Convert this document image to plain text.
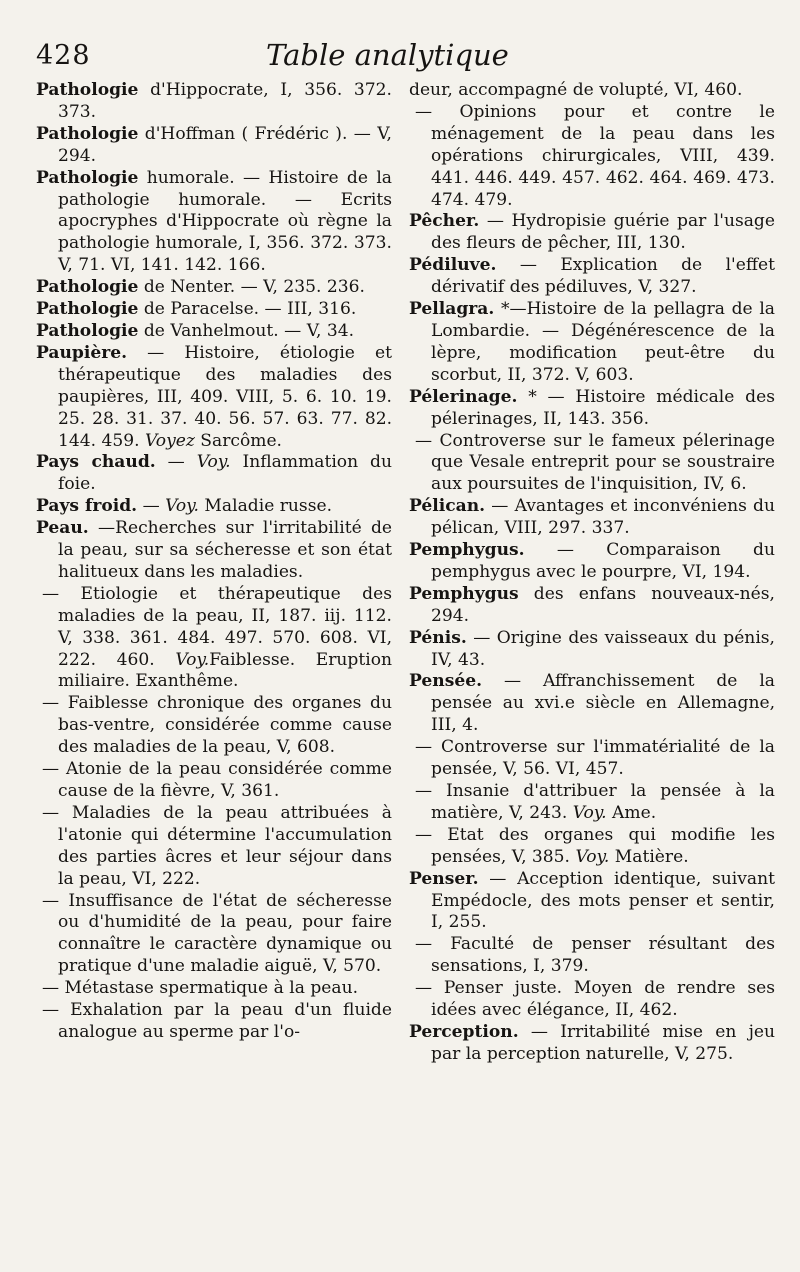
428	Table analytique

Pathologie d'Hippocrate, I, 356. 372. 373.

Pathologie d'Hoffman ( Frédéric ). — V, 294.

Pathologie humorale. — Histoire de la pathologie humorale. — Ecrits apocryphes d'Hippocrate où règne la pathologie humorale, I, 356. 372. 373. V, 71. VI, 141. 142. 166.

Pathologie de Nenter. — V, 235. 236.

Pathologie de Paracelse. — III, 316.

Pathologie de Vanhelmout. — V, 34.

Paupière. — Histoire, étiologie et thérapeutique des maladies des paupières, III, 409. VIII, 5. 6. 10. 19. 25. 28. 31. 37. 40. 56. 57. 63. 77. 82. 144. 459. Voyez Sarcôme.

Pays chaud. — Voy. Inflammation du foie.

Pays froid. — Voy. Maladie russe.

Peau. —Recherches sur l'irritabilité de la peau, sur sa sécheresse et son état halitueux dans les maladies.

— Etiologie et thérapeutique des maladies de la peau, II, 187. iij. 112. V, 338. 361. 484. 497. 570. 608. VI, 222. 460. Voy.Faiblesse. Eruption miliaire. Exanthême.

— Faiblesse chronique des organes du bas-ventre, considérée comme cause des maladies de la peau, V, 608.

— Atonie de la peau considérée comme cause de la fièvre, V, 361.

— Maladies de la peau attribuées à l'atonie qui détermine l'accumulation des parties âcres et leur séjour dans la peau, VI, 222.

— Insuffisance de l'état de sécheresse ou d'humidité de la peau, pour faire connaître le caractère dynamique ou pratique d'une maladie aiguë, V, 570.

— Métastase spermatique à la peau.

— Exhalation par la peau d'un fluide analogue au sperme par l'o-

deur, accompagné de volupté, VI, 460.

— Opinions pour et contre le ménagement de la peau dans les opérations chirurgicales, VIII, 439. 441. 446. 449. 457. 462. 464. 469. 473. 474. 479.

Pêcher. — Hydropisie guérie par l'usage des fleurs de pêcher, III, 130.

Pédiluve. — Explication de l'effet dérivatif des pédiluves, V, 327.

Pellagra. *—Histoire de la pellagra de la Lombardie. — Dégénérescence de la lèpre, modification peut-être du scorbut, II, 372. V, 603.

Pélerinage. * — Histoire médicale des pélerinages, II, 143. 356.

— Controverse sur le fameux pélerinage que Vesale entreprit pour se soustraire aux poursuites de l'inquisition, IV, 6.

Pélican. — Avantages et inconvéniens du pélican, VIII, 297. 337.

Pemphygus. — Comparaison du pemphygus avec le pourpre, VI, 194.

Pemphygus des enfans nouveaux-nés, 294.

Pénis. — Origine des vaisseaux du pénis, IV, 43.

Pensée. — Affranchissement de la pensée au xvi.e siècle en Allemagne, III, 4.

— Controverse sur l'immatérialité de la pensée, V, 56. VI, 457.

— Insanie d'attribuer la pensée à la matière, V, 243. Voy. Ame.

— Etat des organes qui modifie les pensées, V, 385. Voy. Matière.

Penser. — Acception identique, suivant Empédocle, des mots penser et sentir, I, 255.

— Faculté de penser résultant des sensations, I, 379.

— Penser juste. Moyen de rendre ses idées avec élégance, II, 462.

Perception. — Irritabilité mise en jeu par la perception naturelle, V, 275.
